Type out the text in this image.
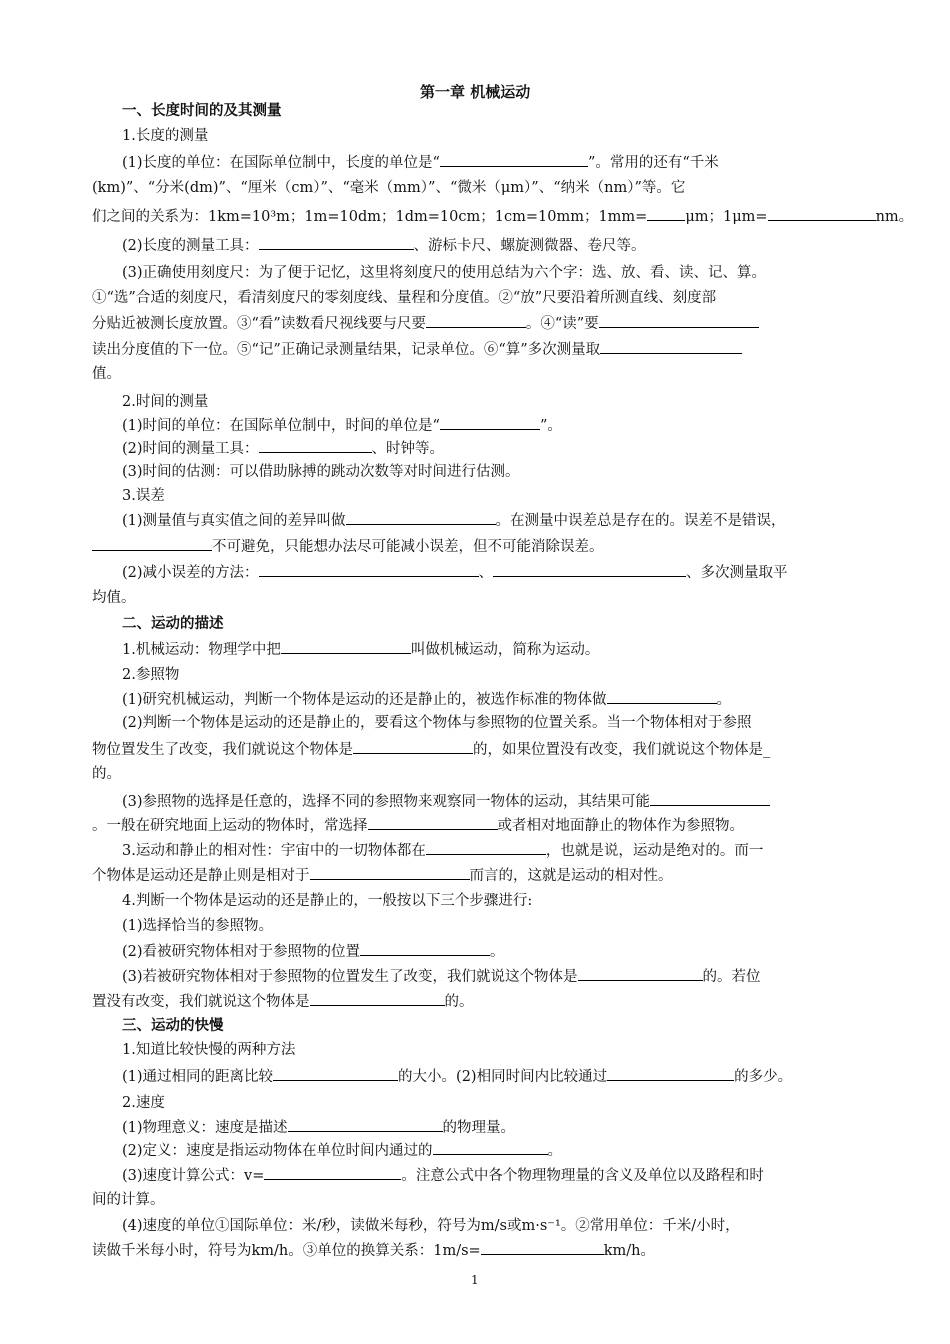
第一章 机械运动
一、长度时间的及其测量
1.长度的测量
(1)长度的单位：在国际单位制中，长度的单位是“	”。常用的还有“千米
(km)”、“分米(dm)”、“厘米（cm）”、“毫米（mm）”、“微米（μm）”、“纳米（nm）”等。它
们之间的关系为：1km=10³m；1m=10dm；1dm=10cm；1cm=10mm；1mm=	μm；1μm=	nm。
(2)长度的测量工具：	、游标卡尺、螺旋测微器、卷尺等。
(3)正确使用刻度尺：为了便于记忆，这里将刻度尺的使用总结为六个字：选、放、看、读、记、算。
①“选”合适的刻度尺，看清刻度尺的零刻度线、量程和分度值。②“放”尺要沿着所测直线、刻度部
分贴近被测长度放置。③“看”读数看尺视线要与尺要	。④“读”要
读出分度值的下一位。⑤“记”正确记录测量结果，记录单位。⑥“算”多次测量取
值。
2.时间的测量
(1)时间的单位：在国际单位制中，时间的单位是“	”。
(2)时间的测量工具：	、时钟等。
(3)时间的估测：可以借助脉搏的跳动次数等对时间进行估测。
3.误差
(1)测量值与真实值之间的差异叫做	。在测量中误差总是存在的。误差不是错误，
不可避免，只能想办法尽可能减小误差，但不可能消除误差。
(2)减小误差的方法：	、	、多次测量取平
均值。
二、运动的描述
1.机械运动：物理学中把	叫做机械运动，简称为运动。
2.参照物
(1)研究机械运动，判断一个物体是运动的还是静止的，被选作标准的物体做	。
(2)判断一个物体是运动的还是静止的，要看这个物体与参照物的位置关系。当一个物体相对于参照
物位置发生了改变，我们就说这个物体是	的，如果位置没有改变，我们就说这个物体是_
的。
(3)参照物的选择是任意的，选择不同的参照物来观察同一物体的运动，其结果可能
。一般在研究地面上运动的物体时，常选择	或者相对地面静止的物体作为参照物。
3.运动和静止的相对性：宇宙中的一切物体都在	，也就是说，运动是绝对的。而一
个物体是运动还是静止则是相对于	而言的，这就是运动的相对性。
4.判断一个物体是运动的还是静止的，一般按以下三个步骤进行:
(1)选择恰当的参照物。
(2)看被研究物体相对于参照物的位置	。
(3)若被研究物体相对于参照物的位置发生了改变，我们就说这个物体是	的。若位
置没有改变，我们就说这个物体是	的。
三、运动的快慢
1.知道比较快慢的两种方法
(1)通过相同的距离比较	的大小。(2)相同时间内比较通过	的多少。
2.速度
(1)物理意义：速度是描述	的物理量。
(2)定义：速度是指运动物体在单位时间内通过的	。
(3)速度计算公式：v=	。注意公式中各个物理物理量的含义及单位以及路程和时
间的计算。
(4)速度的单位①国际单位：米/秒，读做米每秒，符号为m/s或m·s⁻¹。②常用单位：千米/小时，
读做千米每小时，符号为km/h。③单位的换算关系：1m/s=	km/h。
1
